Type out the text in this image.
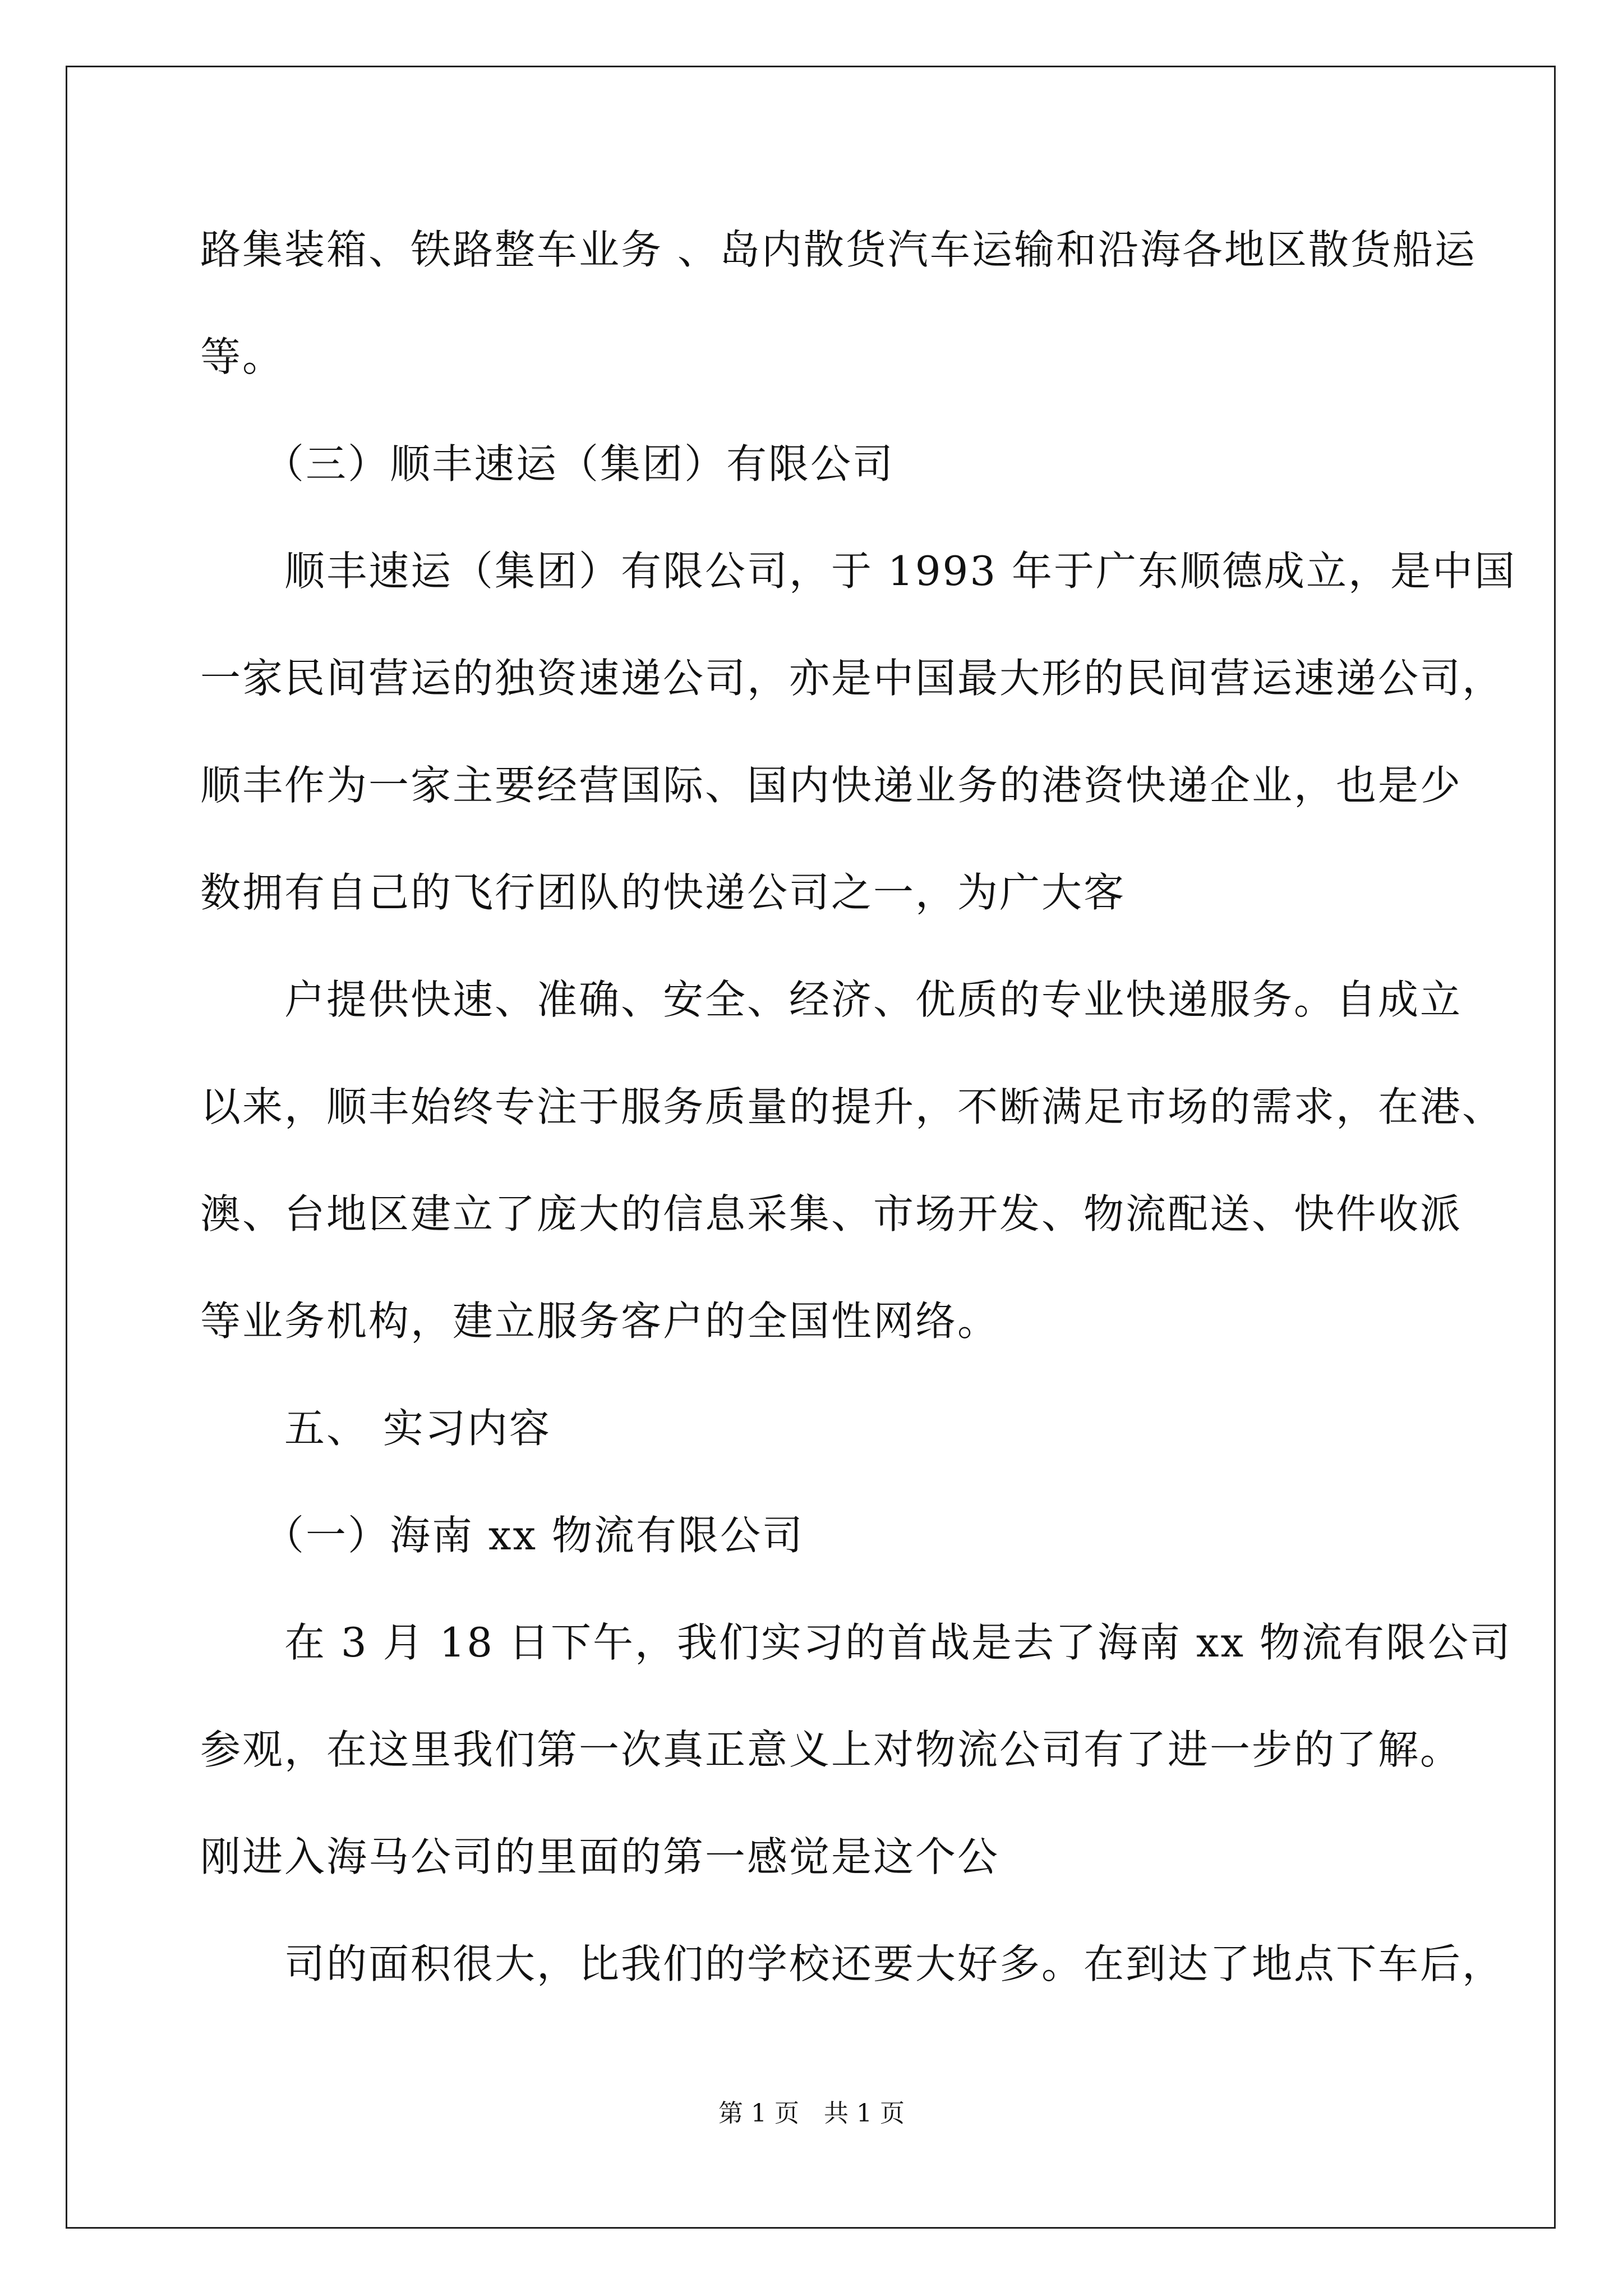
路集装箱、铁路整车业务 、岛内散货汽车运输和沿海各地区散货船运
等。
（三）顺丰速运（集团）有限公司
顺丰速运（集团）有限公司，于 1993 年于广东顺德成立，是中国
一家民间营运的独资速递公司，亦是中国最大形的民间营运速递公司，
顺丰作为一家主要经营国际、国内快递业务的港资快递企业，也是少
数拥有自己的飞行团队的快递公司之一，为广大客
户提供快速、准确、安全、经济、优质的专业快递服务。自成立
以来，顺丰始终专注于服务质量的提升，不断满足市场的需求，在港、
澳、台地区建立了庞大的信息采集、市场开发、物流配送、快件收派
等业务机构，建立服务客户的全国性网络。
五、 实习内容
（一）海南 xx 物流有限公司
在 3 月 18 日下午，我们实习的首战是去了海南 xx 物流有限公司
参观，在这里我们第一次真正意义上对物流公司有了进一步的了解。
刚进入海马公司的里面的第一感觉是这个公
司的面积很大，比我们的学校还要大好多。在到达了地点下车后，
第 1 页　共 1 页
